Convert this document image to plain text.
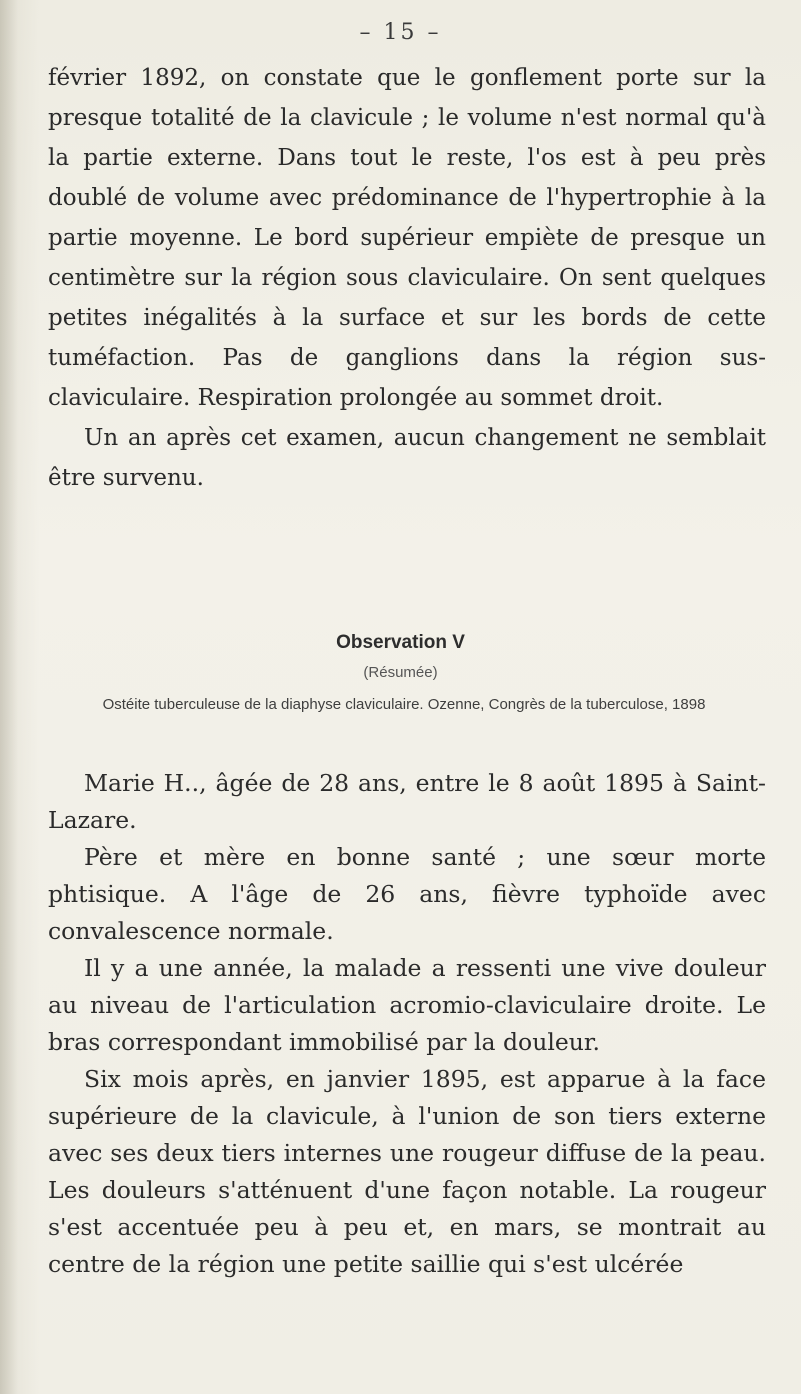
– 15 –

février 1892, on constate que le gonflement porte sur la presque totalité de la clavicule ; le volume n'est normal qu'à la partie externe. Dans tout le reste, l'os est à peu près doublé de volume avec prédominance de l'hypertrophie à la partie moyenne. Le bord supérieur empiète de presque un centimètre sur la région sous claviculaire. On sent quelques petites inégalités à la surface et sur les bords de cette tuméfaction. Pas de ganglions dans la région sus-claviculaire. Respiration prolongée au sommet droit.

Un an après cet examen, aucun changement ne semblait être survenu.

Observation V
(Résumée)
Ostéite tuberculeuse de la diaphyse claviculaire. Ozenne, Congrès de la tuberculose, 1898

Marie H.., âgée de 28 ans, entre le 8 août 1895 à Saint-Lazare.

Père et mère en bonne santé ; une sœur morte phtisique. A l'âge de 26 ans, fièvre typhoïde avec convalescence normale.

Il y a une année, la malade a ressenti une vive douleur au niveau de l'articulation acromio-claviculaire droite. Le bras correspondant immobilisé par la douleur.

Six mois après, en janvier 1895, est apparue à la face supérieure de la clavicule, à l'union de son tiers externe avec ses deux tiers internes une rougeur diffuse de la peau. Les douleurs s'atténuent d'une façon notable. La rougeur s'est accentuée peu à peu et, en mars, se montrait au centre de la région une petite saillie qui s'est ulcérée
